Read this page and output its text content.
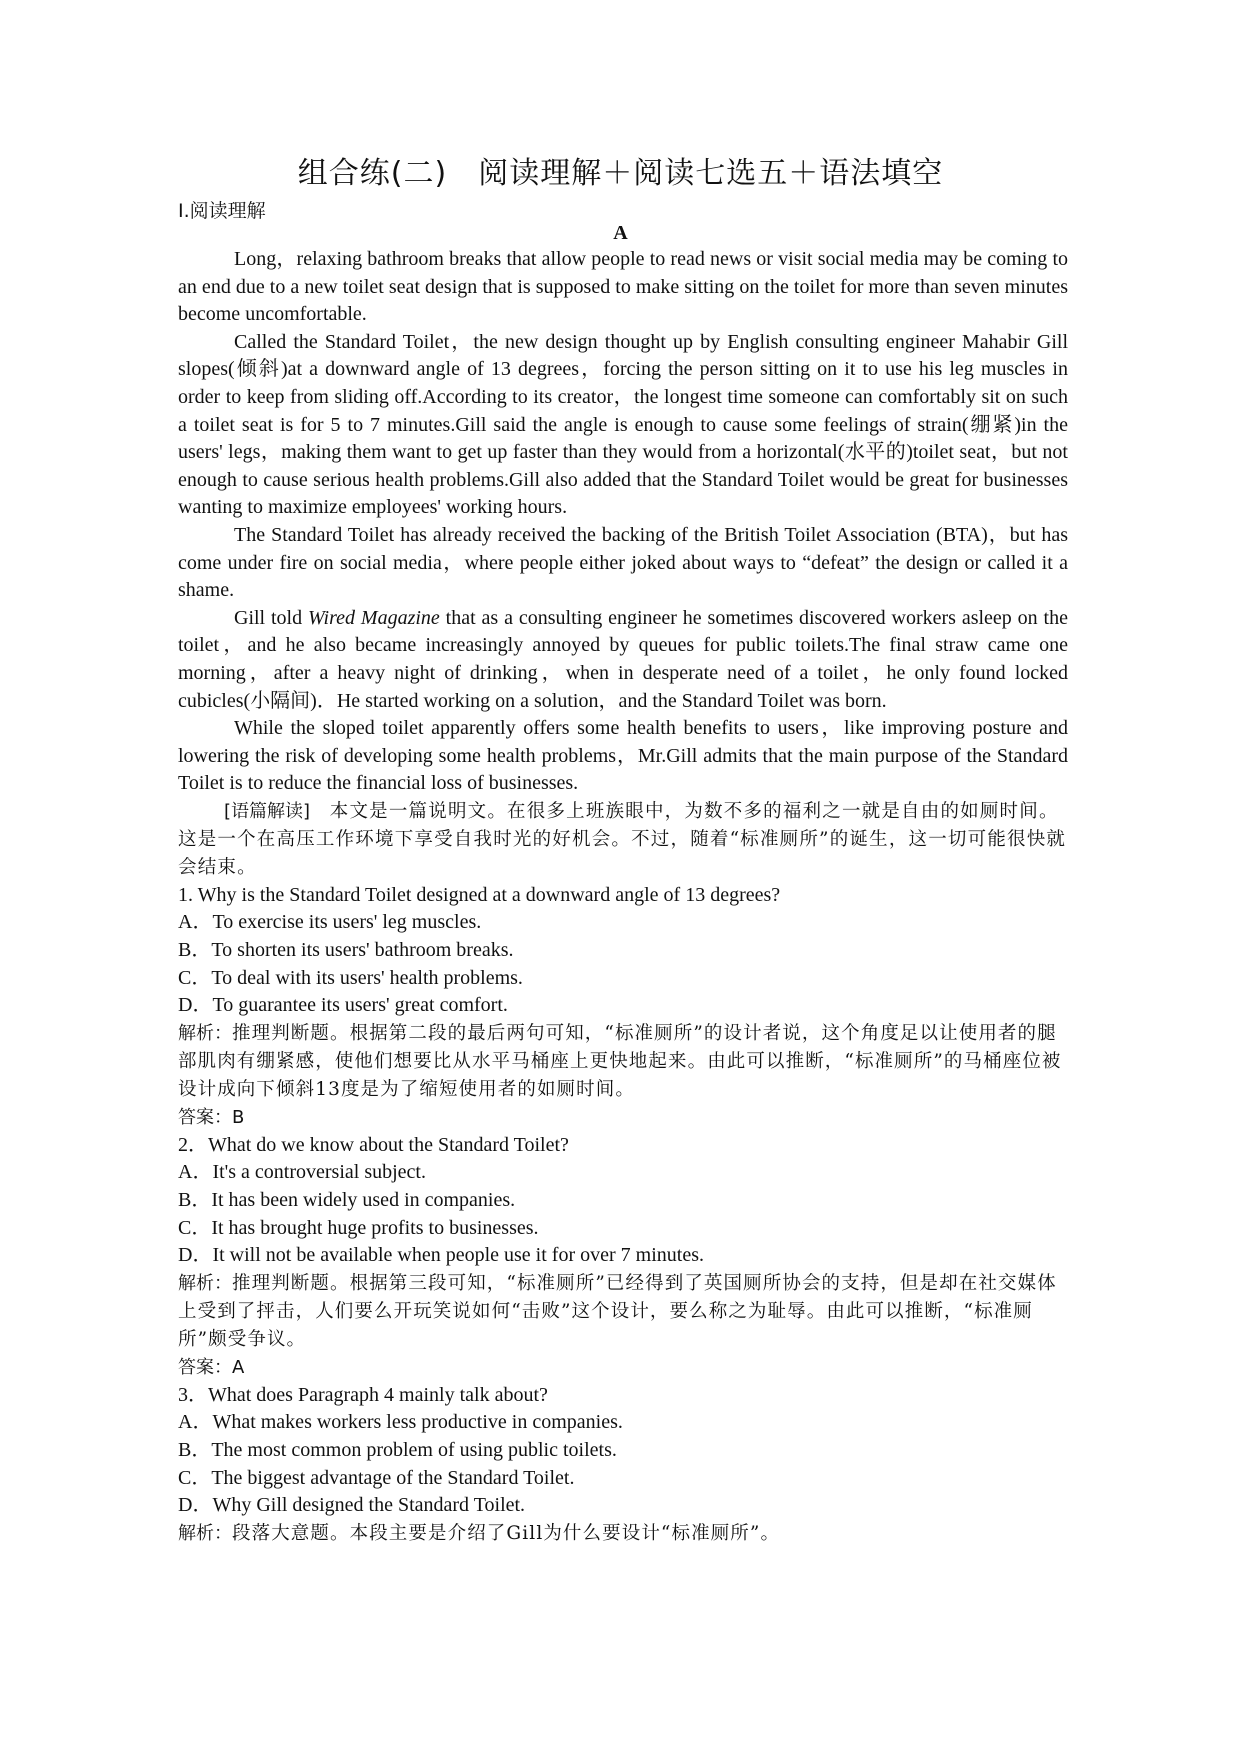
组合练(二)　阅读理解＋阅读七选五＋语法填空
Ⅰ.阅读理解
A

Long，relaxing bathroom breaks that allow people to read news or visit social media may be coming to an end due to a new toilet seat design that is supposed to make sitting on the toilet for more than seven minutes become uncomfortable.

Called the Standard Toilet，the new design thought up by English consulting engineer Mahabir Gill slopes(倾斜)at a downward angle of 13 degrees，forcing the person sitting on it to use his leg muscles in order to keep from sliding off.According to its creator，the longest time someone can comfortably sit on such a toilet seat is for 5 to 7 minutes.Gill said the angle is enough to cause some feelings of strain(绷紧)in the users' legs，making them want to get up faster than they would from a horizontal(水平的)toilet seat，but not enough to cause serious health problems.Gill also added that the Standard Toilet would be great for businesses wanting to maximize employees' working hours.

The Standard Toilet has already received the backing of the British Toilet Association (BTA)，but has come under fire on social media，where people either joked about ways to “defeat” the design or called it a shame.

Gill told Wired Magazine that as a consulting engineer he sometimes discovered workers asleep on the toilet，and he also became increasingly annoyed by queues for public toilets.The final straw came one morning，after a heavy night of drinking，when in desperate need of a toilet，he only found locked cubicles(小隔间)．He started working on a solution，and the Standard Toilet was born.

While the sloped toilet apparently offers some health benefits to users，like improving posture and lowering the risk of developing some health problems，Mr.Gill admits that the main purpose of the Standard Toilet is to reduce the financial loss of businesses.

[语篇解读]　本文是一篇说明文。在很多上班族眼中，为数不多的福利之一就是自由的如厕时间。这是一个在高压工作环境下享受自我时光的好机会。不过，随着“标准厕所”的诞生，这一切可能很快就会结束。

1. Why is the Standard Toilet designed at a downward angle of 13 degrees?

A．To exercise its users' leg muscles.

B．To shorten its users' bathroom breaks.

C．To deal with its users' health problems.

D．To guarantee its users' great comfort.

解析：推理判断题。根据第二段的最后两句可知，“标准厕所”的设计者说，这个角度足以让使用者的腿部肌肉有绷紧感，使他们想要比从水平马桶座上更快地起来。由此可以推断，“标准厕所”的马桶座位被设计成向下倾斜13度是为了缩短使用者的如厕时间。

答案：B

2．What do we know about the Standard Toilet?

A．It's a controversial subject.

B．It has been widely used in companies.

C．It has brought huge profits to businesses.

D．It will not be available when people use it for over 7 minutes.

解析：推理判断题。根据第三段可知，“标准厕所”已经得到了英国厕所协会的支持，但是却在社交媒体上受到了抨击，人们要么开玩笑说如何“击败”这个设计，要么称之为耻辱。由此可以推断，“标准厕所”颇受争议。

答案：A

3．What does Paragraph 4 mainly talk about?

A．What makes workers less productive in companies.

B．The most common problem of using public toilets.

C．The biggest advantage of the Standard Toilet.

D．Why Gill designed the Standard Toilet.

解析：段落大意题。本段主要是介绍了Gill为什么要设计“标准厕所”。
